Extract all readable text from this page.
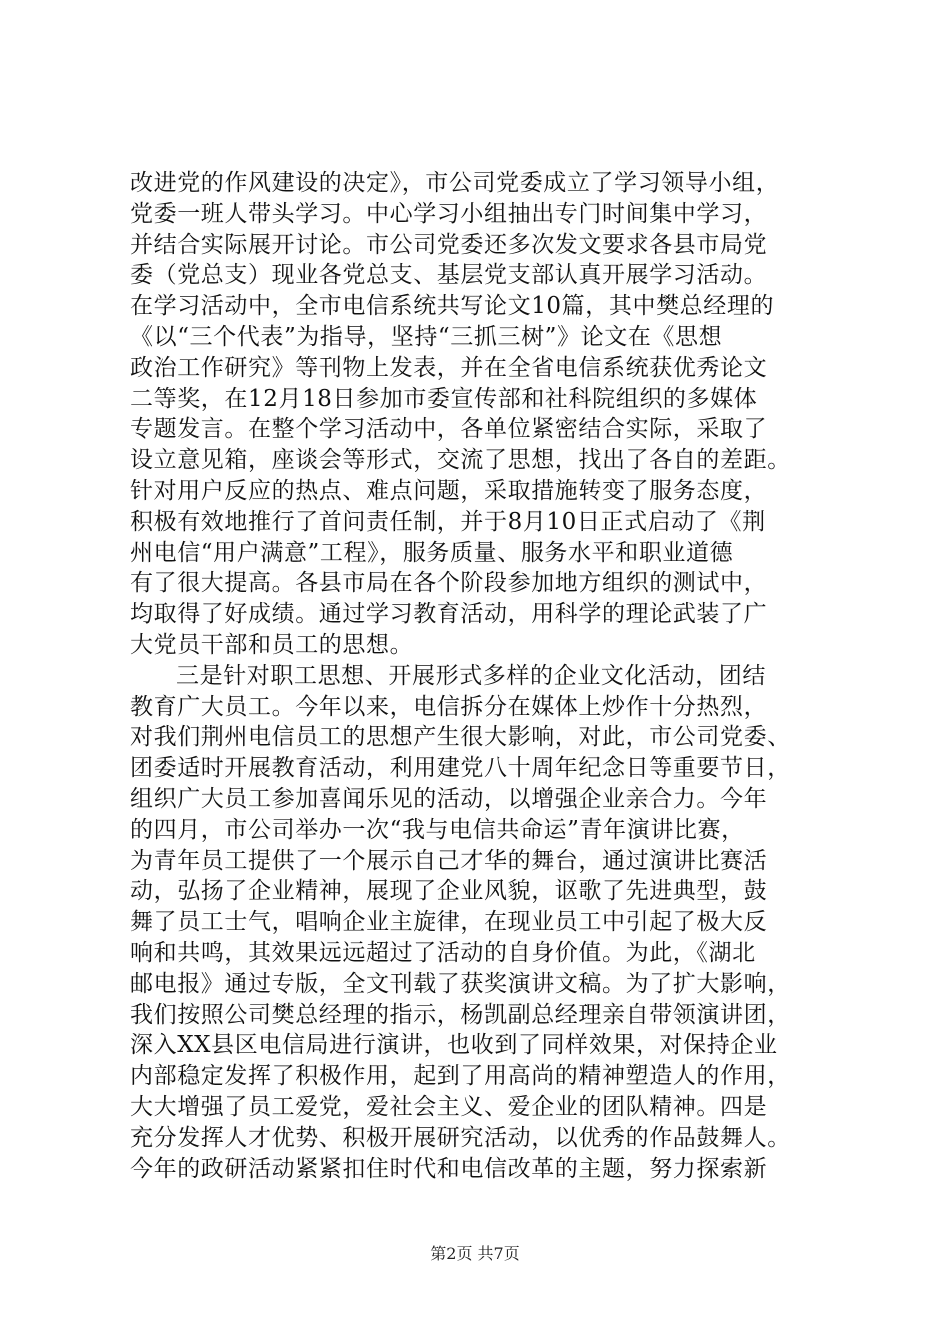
改进党的作风建设的决定》，市公司党委成立了学习领导小组，
党委一班人带头学习。中心学习小组抽出专门时间集中学习，
并结合实际展开讨论。市公司党委还多次发文要求各县市局党
委（党总支）现业各党总支、基层党支部认真开展学习活动。
在学习活动中，全市电信系统共写论文10篇，其中樊总经理的
《以“三个代表”为指导，坚持“三抓三树”》论文在《思想
政治工作研究》等刊物上发表，并在全省电信系统获优秀论文
二等奖，在12月18日参加市委宣传部和社科院组织的多媒体
专题发言。在整个学习活动中，各单位紧密结合实际，采取了
设立意见箱，座谈会等形式，交流了思想，找出了各自的差距。
针对用户反应的热点、难点问题，采取措施转变了服务态度，
积极有效地推行了首问责任制，并于8月10日正式启动了《荆
州电信“用户满意”工程》，服务质量、服务水平和职业道德
有了很大提高。各县市局在各个阶段参加地方组织的测试中，
均取得了好成绩。通过学习教育活动，用科学的理论武装了广
大党员干部和员工的思想。
三是针对职工思想、开展形式多样的企业文化活动，团结
教育广大员工。今年以来，电信拆分在媒体上炒作十分热烈，
对我们荆州电信员工的思想产生很大影响，对此，市公司党委、
团委适时开展教育活动，利用建党八十周年纪念日等重要节日，
组织广大员工参加喜闻乐见的活动，以增强企业亲合力。今年
的四月，市公司举办一次“我与电信共命运”青年演讲比赛，
为青年员工提供了一个展示自己才华的舞台，通过演讲比赛活
动，弘扬了企业精神，展现了企业风貌，讴歌了先进典型，鼓
舞了员工士气，唱响企业主旋律，在现业员工中引起了极大反
响和共鸣，其效果远远超过了活动的自身价值。为此，《湖北
邮电报》通过专版，全文刊载了获奖演讲文稿。为了扩大影响，
我们按照公司樊总经理的指示，杨凯副总经理亲自带领演讲团，
深入XX县区电信局进行演讲，也收到了同样效果，对保持企业
内部稳定发挥了积极作用，起到了用高尚的精神塑造人的作用，
大大增强了员工爱党，爱社会主义、爱企业的团队精神。四是
充分发挥人才优势、积极开展研究活动，以优秀的作品鼓舞人。
今年的政研活动紧紧扣住时代和电信改革的主题，努力探索新
第2页 共7页
